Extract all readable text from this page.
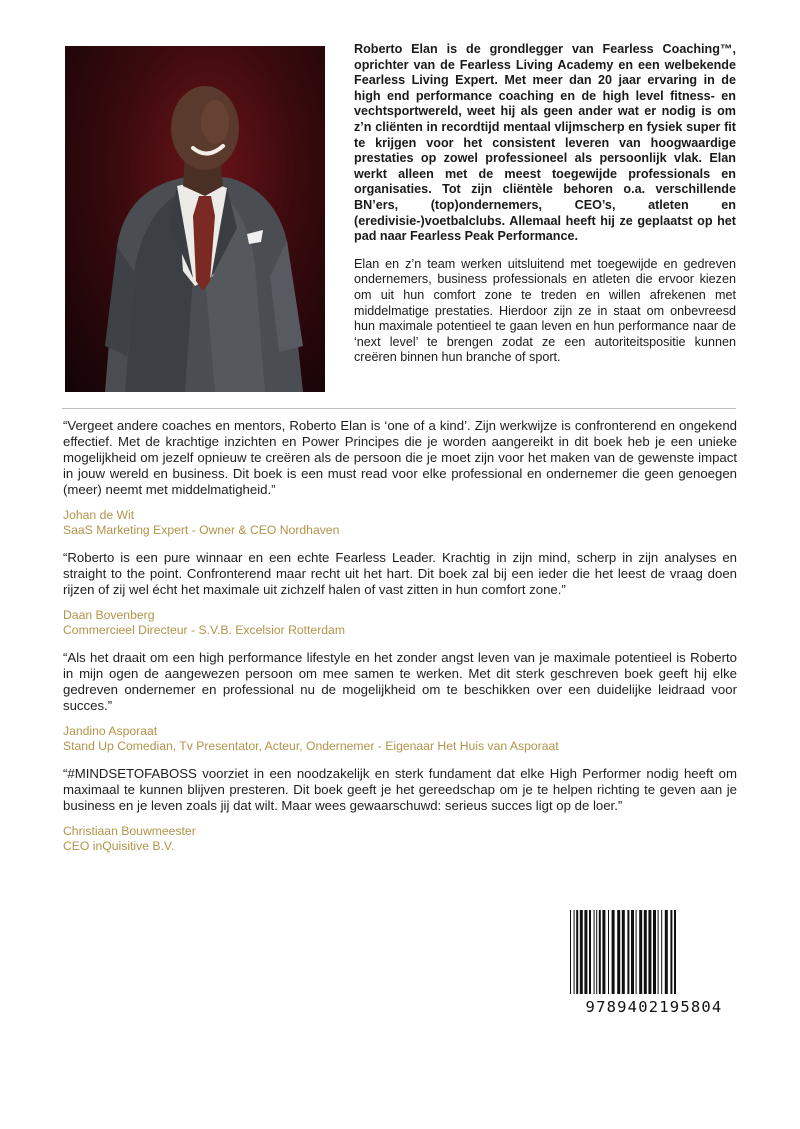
Roberto Elan is de grondlegger van Fearless Coaching™, oprichter van de Fearless Living Academy en een welbekende Fearless Living Expert. Met meer dan 20 jaar ervaring in de high end performance coaching en de high level fitness- en vechtsportwereld, weet hij als geen ander wat er nodig is om z’n cliënten in recordtijd mentaal vlijmscherp en fysiek super fit te krijgen voor het consistent leveren van hoogwaardige prestaties op zowel professioneel als persoonlijk vlak. Elan werkt alleen met de meest toegewijde professionals en organisaties. Tot zijn cliëntèle behoren o.a. verschillende BN’ers, (top)ondernemers, CEO’s, atleten en (eredivisie-)voetbalclubs. Allemaal heeft hij ze geplaatst op het pad naar Fearless Peak Performance.

Elan en z’n team werken uitsluitend met toegewijde en gedreven ondernemers, business professionals en atleten die ervoor kiezen om uit hun comfort zone te treden en willen afrekenen met middelmatige prestaties. Hierdoor zijn ze in staat om onbevreesd hun maximale potentieel te gaan leven en hun performance naar de ‘next level’ te brengen zodat ze een autoriteitspositie kunnen creëren binnen hun branche of sport.

“Vergeet andere coaches en mentors, Roberto Elan is ‘one of a kind’. Zijn werkwijze is confronterend en ongekend effectief. Met de krachtige inzichten en Power Principes die je worden aangereikt in dit boek heb je een unieke mogelijkheid om jezelf opnieuw te creëren als de persoon die je moet zijn voor het maken van de gewenste impact in jouw wereld en business. Dit boek is een must read voor elke professional en ondernemer die geen genoegen (meer) neemt met middelmatigheid.”

Johan de Wit

SaaS Marketing Expert - Owner & CEO Nordhaven

“Roberto is een pure winnaar en een echte Fearless Leader. Krachtig in zijn mind, scherp in zijn analyses en straight to the point. Confronterend maar recht uit het hart. Dit boek zal bij een ieder die het leest de vraag doen rijzen of zij wel écht het maximale uit zichzelf halen of vast zitten in hun comfort zone.”

Daan Bovenberg

Commercieel Directeur - S.V.B. Excelsior Rotterdam

“Als het draait om een high performance lifestyle en het zonder angst leven van je maximale potentieel is Roberto in mijn ogen de aangewezen persoon om mee samen te werken. Met dit sterk geschreven boek geeft hij elke gedreven ondernemer en professional nu de mogelijkheid om te beschikken over een duidelijke leidraad voor succes.”

Jandino Asporaat

Stand Up Comedian, Tv Presentator, Acteur, Ondernemer - Eigenaar Het Huis van Asporaat

“#MINDSETOFABOSS voorziet in een noodzakelijk en sterk fundament dat elke High Performer nodig heeft om maximaal te kunnen blijven presteren. Dit boek geeft je het gereedschap om je te helpen richting te geven aan je business en je leven zoals jij dat wilt. Maar wees gewaarschuwd: serieus succes ligt op de loer.”

Christiaan Bouwmeester

CEO inQuisitive B.V.

9789402195804
